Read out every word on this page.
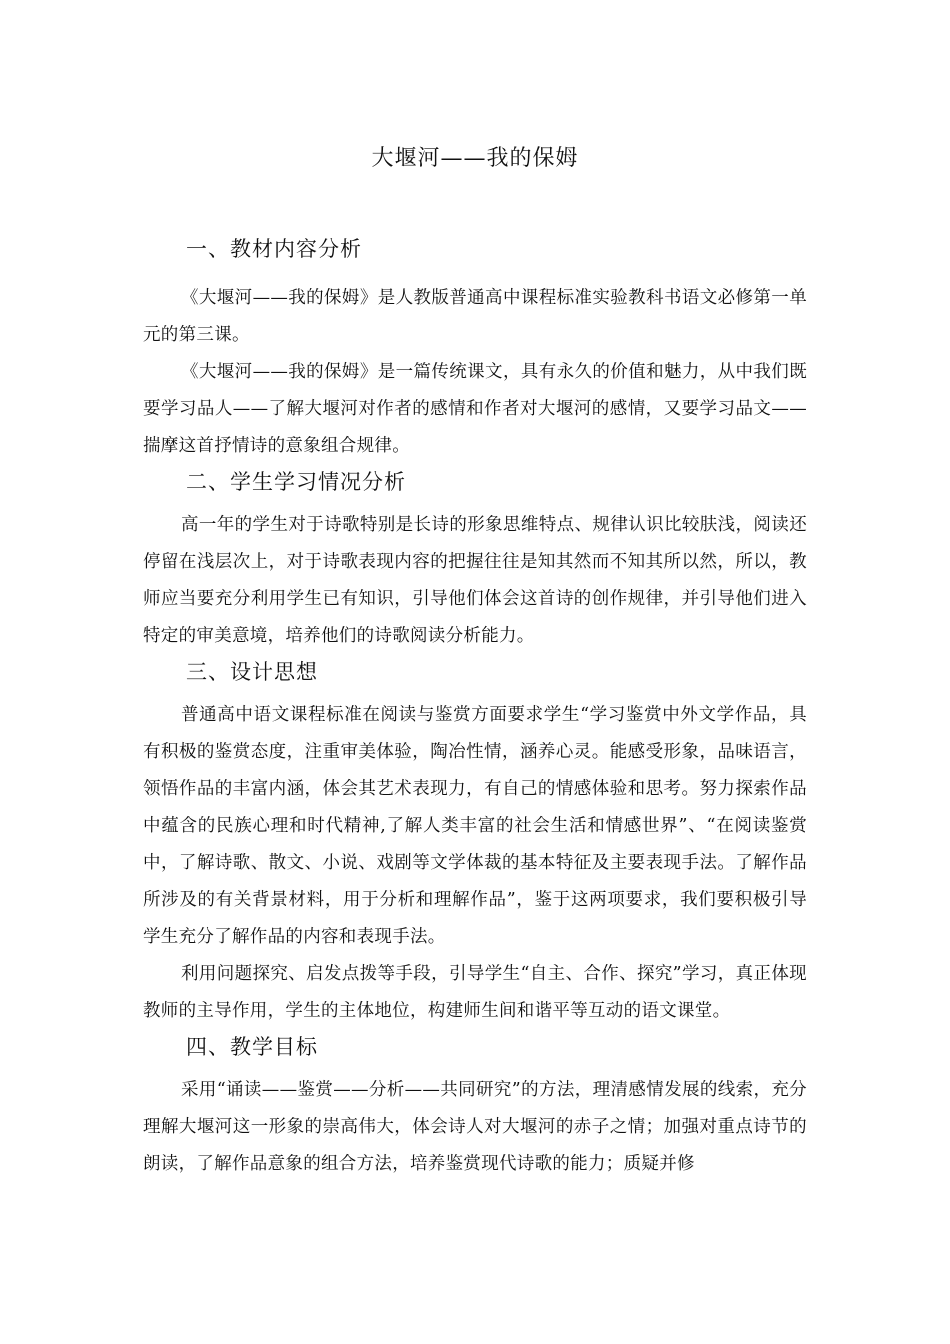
大堰河——我的保姆
一、教材内容分析

《大堰河——我的保姆》是人教版普通高中课程标准实验教科书语文必修第一单元的第三课。

《大堰河——我的保姆》是一篇传统课文，具有永久的价值和魅力，从中我们既要学习品人——了解大堰河对作者的感情和作者对大堰河的感情，又要学习品文——揣摩这首抒情诗的意象组合规律。

二、学生学习情况分析

高一年的学生对于诗歌特别是长诗的形象思维特点、规律认识比较肤浅，阅读还停留在浅层次上，对于诗歌表现内容的把握往往是知其然而不知其所以然，所以，教师应当要充分利用学生已有知识，引导他们体会这首诗的创作规律，并引导他们进入特定的审美意境，培养他们的诗歌阅读分析能力。

三、设计思想

普通高中语文课程标准在阅读与鉴赏方面要求学生“学习鉴赏中外文学作品，具有积极的鉴赏态度，注重审美体验，陶冶性情，涵养心灵。能感受形象，品味语言，领悟作品的丰富内涵，体会其艺术表现力，有自己的情感体验和思考。努力探索作品中蕴含的民族心理和时代精神,了解人类丰富的社会生活和情感世界”、“在阅读鉴赏中，了解诗歌、散文、小说、戏剧等文学体裁的基本特征及主要表现手法。了解作品所涉及的有关背景材料，用于分析和理解作品”，鉴于这两项要求，我们要积极引导学生充分了解作品的内容和表现手法。

利用问题探究、启发点拨等手段，引导学生“自主、合作、探究”学习，真正体现教师的主导作用，学生的主体地位，构建师生间和谐平等互动的语文课堂。

四、教学目标

采用“诵读——鉴赏——分析——共同研究”的方法，理清感情发展的线索，充分理解大堰河这一形象的崇高伟大，体会诗人对大堰河的赤子之情；加强对重点诗节的朗读，了解作品意象的组合方法，培养鉴赏现代诗歌的能力；质疑并修
